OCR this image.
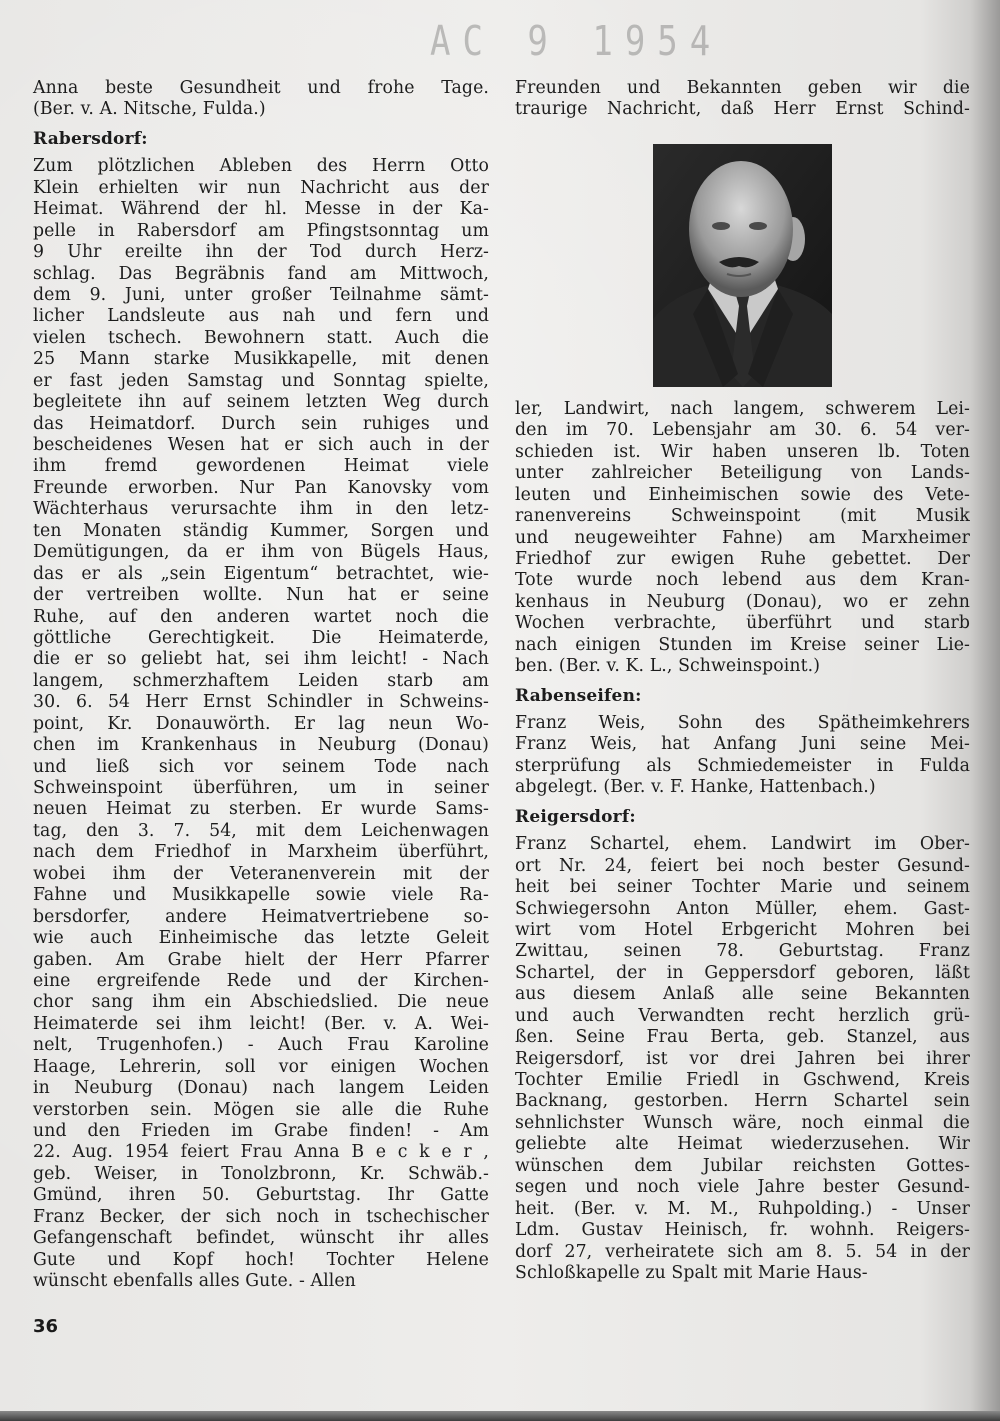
AC 9 1954
Anna beste Gesundheit und frohe Tage.
(Ber. v. A. Nitsche, Fulda.)
Rabersdorf:
Zum plötzlichen Ableben des Herrn Otto
Klein erhielten wir nun Nachricht aus der
Heimat. Während der hl. Messe in der Ka-
pelle in Rabersdorf am Pfingstsonntag um
9 Uhr ereilte ihn der Tod durch Herz-
schlag. Das Begräbnis fand am Mittwoch,
dem 9. Juni, unter großer Teilnahme sämt-
licher Landsleute aus nah und fern und
vielen tschech. Bewohnern statt. Auch die
25 Mann starke Musikkapelle, mit denen
er fast jeden Samstag und Sonntag spielte,
begleitete ihn auf seinem letzten Weg durch
das Heimatdorf. Durch sein ruhiges und
bescheidenes Wesen hat er sich auch in der
ihm fremd gewordenen Heimat viele
Freunde erworben. Nur Pan Kanovsky vom
Wächterhaus verursachte ihm in den letz-
ten Monaten ständig Kummer, Sorgen und
Demütigungen, da er ihm von Bügels Haus,
das er als „sein Eigentum“ betrachtet, wie-
der vertreiben wollte. Nun hat er seine
Ruhe, auf den anderen wartet noch die
göttliche Gerechtigkeit. Die Heimaterde,
die er so geliebt hat, sei ihm leicht! - Nach
langem, schmerzhaftem Leiden starb am
30. 6. 54 Herr Ernst Schindler in Schweins-
point, Kr. Donauwörth. Er lag neun Wo-
chen im Krankenhaus in Neuburg (Donau)
und ließ sich vor seinem Tode nach
Schweinspoint überführen, um in seiner
neuen Heimat zu sterben. Er wurde Sams-
tag, den 3. 7. 54, mit dem Leichenwagen
nach dem Friedhof in Marxheim überführt,
wobei ihm der Veteranenverein mit der
Fahne und Musikkapelle sowie viele Ra-
bersdorfer, andere Heimatvertriebene so-
wie auch Einheimische das letzte Geleit
gaben. Am Grabe hielt der Herr Pfarrer
eine ergreifende Rede und der Kirchen-
chor sang ihm ein Abschiedslied. Die neue
Heimaterde sei ihm leicht! (Ber. v. A. Wei-
nelt, Trugenhofen.) - Auch Frau Karoline
Haage, Lehrerin, soll vor einigen Wochen
in Neuburg (Donau) nach langem Leiden
verstorben sein. Mögen sie alle die Ruhe
und den Frieden im Grabe finden! - Am
22. Aug. 1954 feiert Frau Anna B e c k e r ,
geb. Weiser, in Tonolzbronn, Kr. Schwäb.-
Gmünd, ihren 50. Geburtstag. Ihr Gatte
Franz Becker, der sich noch in tschechischer
Gefangenschaft befindet, wünscht ihr alles
Gute und Kopf hoch! Tochter Helene
wünscht ebenfalls alles Gute. - Allen
Freunden und Bekannten geben wir die
traurige Nachricht, daß Herr Ernst Schind-
ler, Landwirt, nach langem, schwerem Lei-
den im 70. Lebensjahr am 30. 6. 54 ver-
schieden ist. Wir haben unseren lb. Toten
unter zahlreicher Beteiligung von Lands-
leuten und Einheimischen sowie des Vete-
ranenvereins Schweinspoint (mit Musik
und neugeweihter Fahne) am Marxheimer
Friedhof zur ewigen Ruhe gebettet. Der
Tote wurde noch lebend aus dem Kran-
kenhaus in Neuburg (Donau), wo er zehn
Wochen verbrachte, überführt und starb
nach einigen Stunden im Kreise seiner Lie-
ben. (Ber. v. K. L., Schweinspoint.)
Rabenseifen:
Franz Weis, Sohn des Spätheimkehrers
Franz Weis, hat Anfang Juni seine Mei-
sterprüfung als Schmiedemeister in Fulda
abgelegt. (Ber. v. F. Hanke, Hattenbach.)
Reigersdorf:
Franz Schartel, ehem. Landwirt im Ober-
ort Nr. 24, feiert bei noch bester Gesund-
heit bei seiner Tochter Marie und seinem
Schwiegersohn Anton Müller, ehem. Gast-
wirt vom Hotel Erbgericht Mohren bei
Zwittau, seinen 78. Geburtstag. Franz
Schartel, der in Geppersdorf geboren, läßt
aus diesem Anlaß alle seine Bekannten
und auch Verwandten recht herzlich grü-
ßen. Seine Frau Berta, geb. Stanzel, aus
Reigersdorf, ist vor drei Jahren bei ihrer
Tochter Emilie Friedl in Gschwend, Kreis
Backnang, gestorben. Herrn Schartel sein
sehnlichster Wunsch wäre, noch einmal die
geliebte alte Heimat wiederzusehen. Wir
wünschen dem Jubilar reichsten Gottes-
segen und noch viele Jahre bester Gesund-
heit. (Ber. v. M. M., Ruhpolding.) - Unser
Ldm. Gustav Heinisch, fr. wohnh. Reigers-
dorf 27, verheiratete sich am 8. 5. 54 in der
Schloßkapelle zu Spalt mit Marie Haus-
36
